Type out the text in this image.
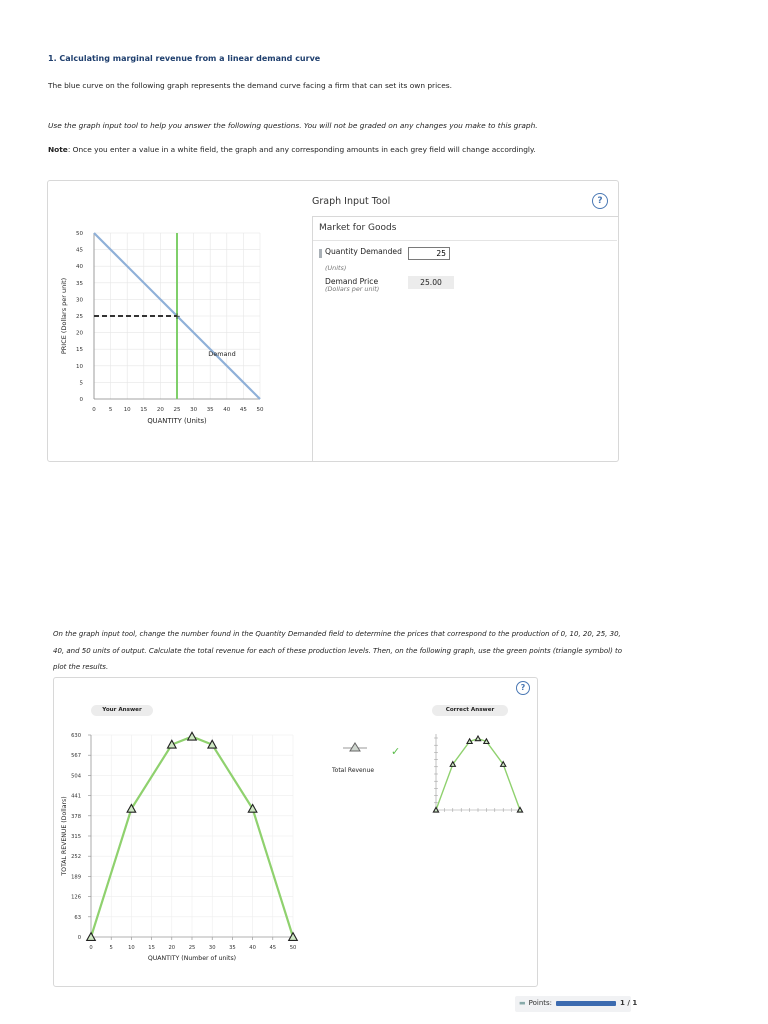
1. Calculating marginal revenue from a linear demand curve
The blue curve on the following graph represents the demand curve facing a firm that can set its own prices.
Use the graph input tool to help you answer the following questions. You will not be graded on any changes you make to this graph.
Note: Once you enter a value in a white field, the graph and any corresponding amounts in each grey field will change accordingly.
0 5 10 15 20 25 30 35 40 45 50
0
5
10
15
20
25
30
35
40
45
50
+
Demand
QUANTITY (Units)
PRICE (Dollars per unit)
Graph Input Tool	?
Market for Goods
Quantity Demanded
(Units)
25
Demand Price
(Dollars per unit)
25.00
On the graph input tool, change the number found in the Quantity Demanded field to determine the prices that correspond to the production of 0, 10, 20, 25, 30, 40, and 50 units of output. Calculate the total revenue for each of these production levels. Then, on the following graph, use the green points (triangle symbol) to plot the results.
?
Your Answer	Correct Answer
0	5	10	15	20	25	30	35	40	45	50
0
63
126
189
252
315
378
441
504
567
630
QUANTITY (Number of units)
TOTAL REVENUE (Dollars)
✓
Total Revenue
▬ Points:	1 / 1
